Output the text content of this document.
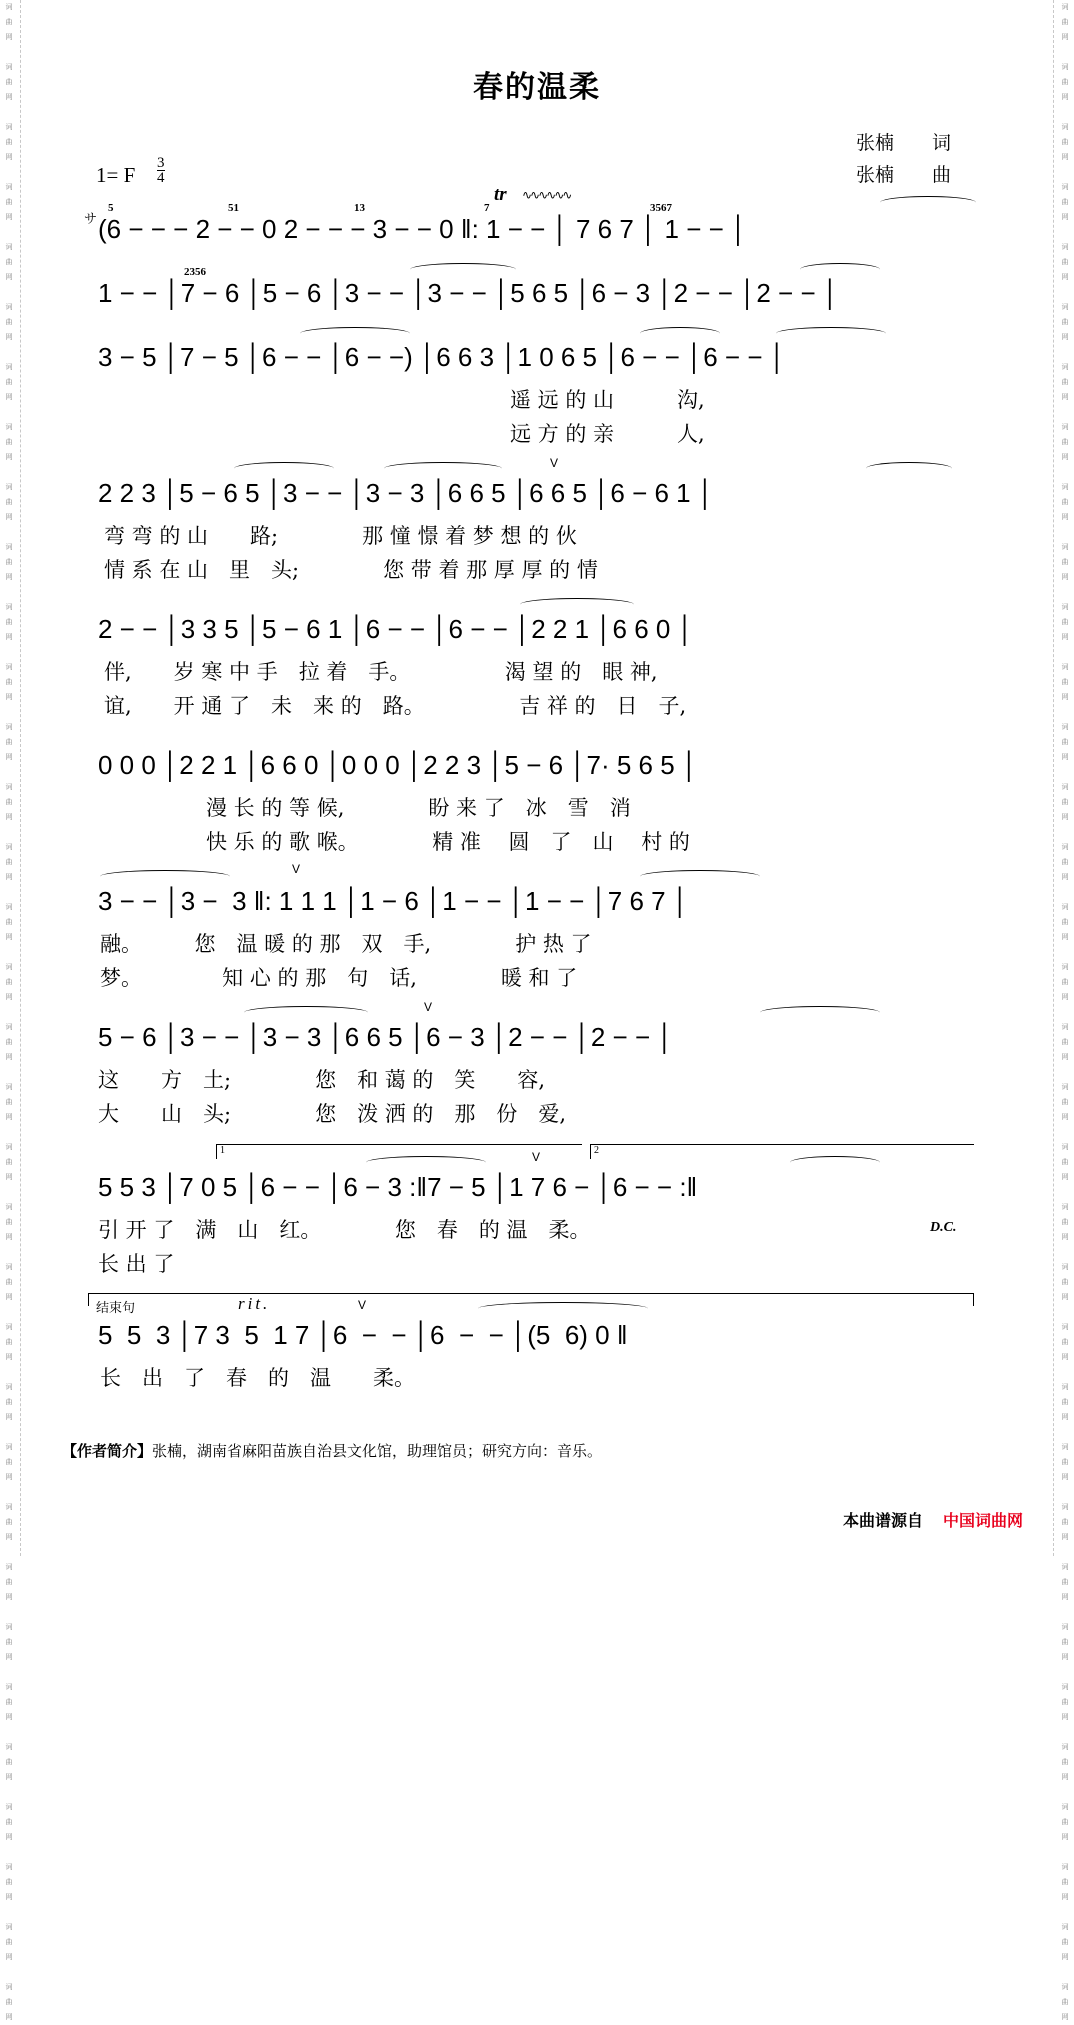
词
曲
网

词
曲
网

词
曲
网

词
曲
网

词
曲
网

词
曲
网

词
曲
网

词
曲
网

词
曲
网

词
曲
网

词
曲
网

词
曲
网

词
曲
网

词
曲
网

词
曲
网

词
曲
网

词
曲
网

词
曲
网

词
曲
网

词
曲
网

词
曲
网

词
曲
网

词
曲
网

词
曲
网

词
曲
网

词
曲
网

词
曲
网

词
曲
网

词
曲
网

词
曲
网

词
曲
网

词
曲
网

词
曲
网

词
曲
网

词
曲
网

词
曲
网

词
曲
网

词
曲
网

词
曲
网

词
曲
网

词
曲
网

词
曲
网

词
曲
网

词
曲
网

词
曲
网

词
曲
网

词
曲
网

词
曲
网

词
曲
网

词
曲
网

词
曲
网

词
曲
网

词
曲
网

词
曲
网

词
曲
网

词
曲
网

词
曲
网

词
曲
网

词
曲
网

词
曲
网

词
曲
网

词
曲
网

词
曲
网

词
曲
网

词
曲
网

词
曲
网

词
曲
网

词
曲
网

春的温柔
张楠　　词
张楠　　曲
1= F 3
4
tr ∿∿∿∿∿∿
5	51	13	7	3567
2356
サ (6 − − − 2 − − 0 2 − − − 3 − − 0 ‖: 1 − − │ 7 6 7 │ 1 − − │
1 − − │7 − 6 │5 − 6 │3 − − │3 − − │5 6 5 │6 − 3 │2 − − │2 − − │
3 − 5 │7 − 5 │6 − − │6 − −) │6 6 3 │1 0 6 5 │6 − − │6 − − │
2 2 3 │5 − 6 5 │3 − − │3 − 3 │6 6 5 │6 6 5 │6 − 6 1 │
2 − − │3 3 5 │5 − 6 1 │6 − − │6 − − │2 2 1 │6 6 0 │
0 0 0 │2 2 1 │6 6 0 │0 0 0 │2 2 3 │5 − 6 │7· 5 6 5 │
3 − − │3 −  3 ‖: 1 1 1 │1 − 6 │1 − − │1 − − │7 6 7 │
5 − 6 │3 − − │3 − 3 │6 6 5 │6 − 3 │2 − − │2 − − │
5 5 3 │7 0 5 │6 − − │6 − 3 :‖7 − 5 │1 7 6 − │6 − − :‖
5  5  3 │7 3  5  1 7 │6  −  − │6  −  − │(5  6) 0 ‖
V
V
V
V
V
遥 远 的 山　　　沟,
远 方 的 亲　　　人,
弯 弯 的 山　　路;　　　　那 憧 憬 着 梦 想 的 伙
情 系 在 山　里　头;　　　　您 带 着 那 厚 厚 的 情
伴,　　岁 寒 中 手　拉 着　手。　　　　　渴 望 的　眼 神,
谊,　　开 通 了　未　来 的　路。　　　　　吉 祥 的　日　子,
漫 长 的 等 候,　　　　盼 来 了　冰　雪　消
快 乐 的 歌 喉。　　　　精 准　 圆　了　山　 村 的
融。　　　您　温 暖 的 那　双　手,　　　　护 热 了
梦。　　　　 知 心 的 那　句　话,　　　　暖 和 了
这　　方　土;　　　　您　和 蔼 的　笑　　容,
大　　山　头;　　　　您　泼 洒 的　那　份　爱,
引 开 了　满　山　红。　　　　您　春　的 温　柔。
长 出 了
长　出　了　春　的　温　　柔。
1	2
D.C.
结束句	rit.
【作者简介】张楠，湖南省麻阳苗族自治县文化馆，助理馆员；研究方向：音乐。
本曲谱源自 中国词曲网
